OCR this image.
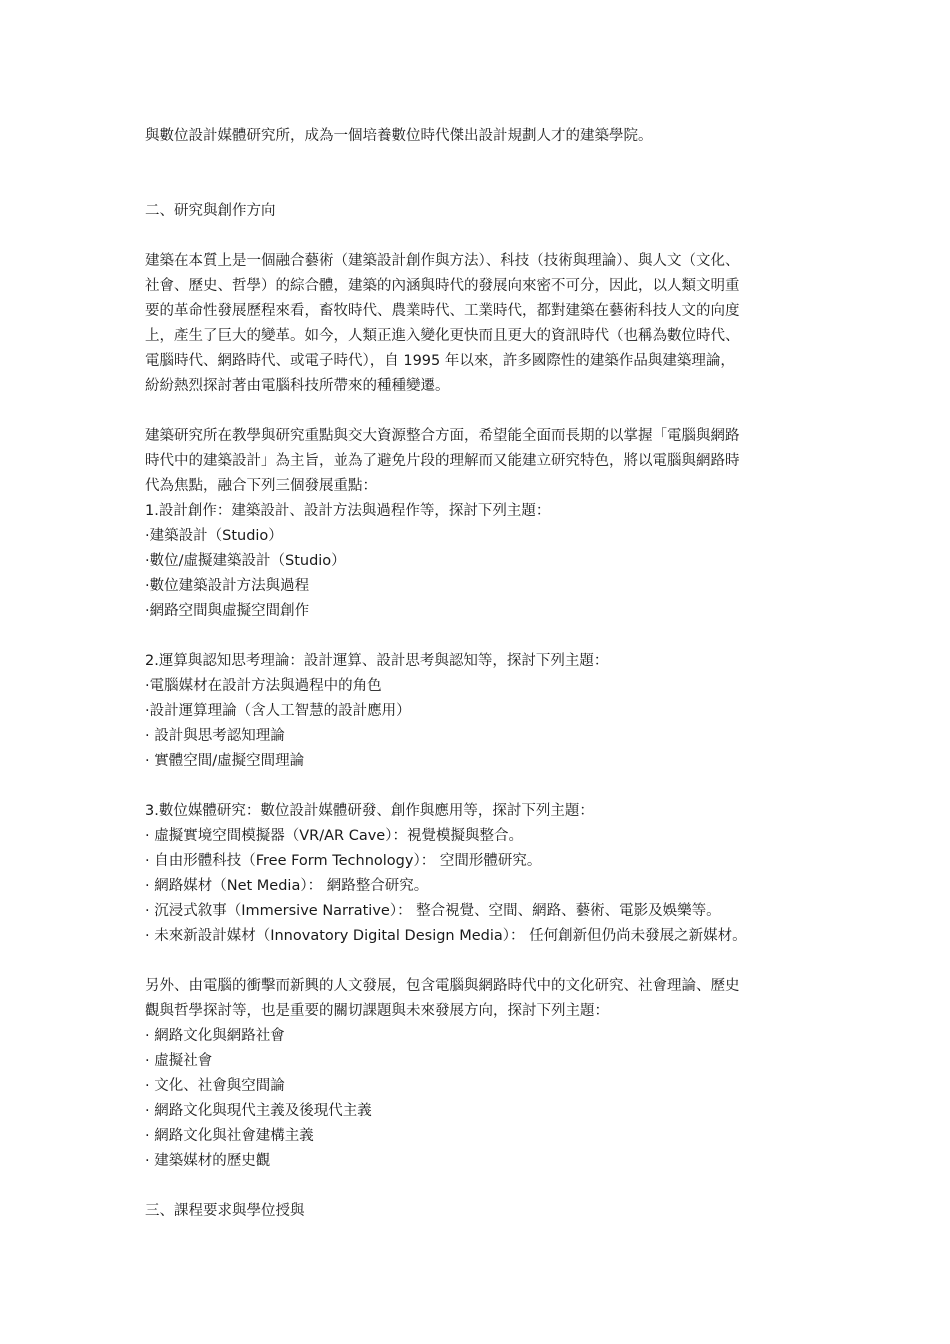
與數位設計媒體研究所，成為一個培養數位時代傑出設計規劃人才的建築學院。
二、研究與創作方向
建築在本質上是一個融合藝術（建築設計創作與方法）、科技（技術與理論）、與人文（文化、
社會、歷史、哲學）的綜合體，建築的內涵與時代的發展向來密不可分，因此，以人類文明重
要的革命性發展歷程來看，畜牧時代、農業時代、工業時代，都對建築在藝術科技人文的向度
上，產生了巨大的變革。如今，人類正進入變化更快而且更大的資訊時代（也稱為數位時代、
電腦時代、網路時代、或電子時代），自 1995 年以來，許多國際性的建築作品與建築理論，
紛紛熱烈探討著由電腦科技所帶來的種種變遷。
建築研究所在教學與研究重點與交大資源整合方面，希望能全面而長期的以掌握「電腦與網路
時代中的建築設計」為主旨，並為了避免片段的理解而又能建立研究特色，將以電腦與網路時
代為焦點，融合下列三個發展重點：
1.設計創作：建築設計、設計方法與過程作等，探討下列主題：
·建築設計（Studio）
·數位/虛擬建築設計（Studio）
·數位建築設計方法與過程
·網路空間與虛擬空間創作
2.運算與認知思考理論：設計運算、設計思考與認知等，探討下列主題：
·電腦媒材在設計方法與過程中的角色
·設計運算理論（含人工智慧的設計應用）
· 設計與思考認知理論
· 實體空間/虛擬空間理論
3.數位媒體研究：數位設計媒體研發、創作與應用等，探討下列主題：
· 虛擬實境空間模擬器（VR/AR Cave）：視覺模擬與整合。
· 自由形體科技（Free Form Technology）： 空間形體研究。
· 網路媒材（Net Media）： 網路整合研究。
· 沉浸式敘事（Immersive Narrative）： 整合視覺、空間、網路、藝術、電影及娛樂等。
· 未來新設計媒材（Innovatory Digital Design Media）： 任何創新但仍尚未發展之新媒材。
另外、由電腦的衝擊而新興的人文發展，包含電腦與網路時代中的文化研究、社會理論、歷史
觀與哲學探討等，也是重要的關切課題與未來發展方向，探討下列主題：
· 網路文化與網路社會
· 虛擬社會
· 文化、社會與空間論
· 網路文化與現代主義及後現代主義
· 網路文化與社會建構主義
· 建築媒材的歷史觀
三、課程要求與學位授與
